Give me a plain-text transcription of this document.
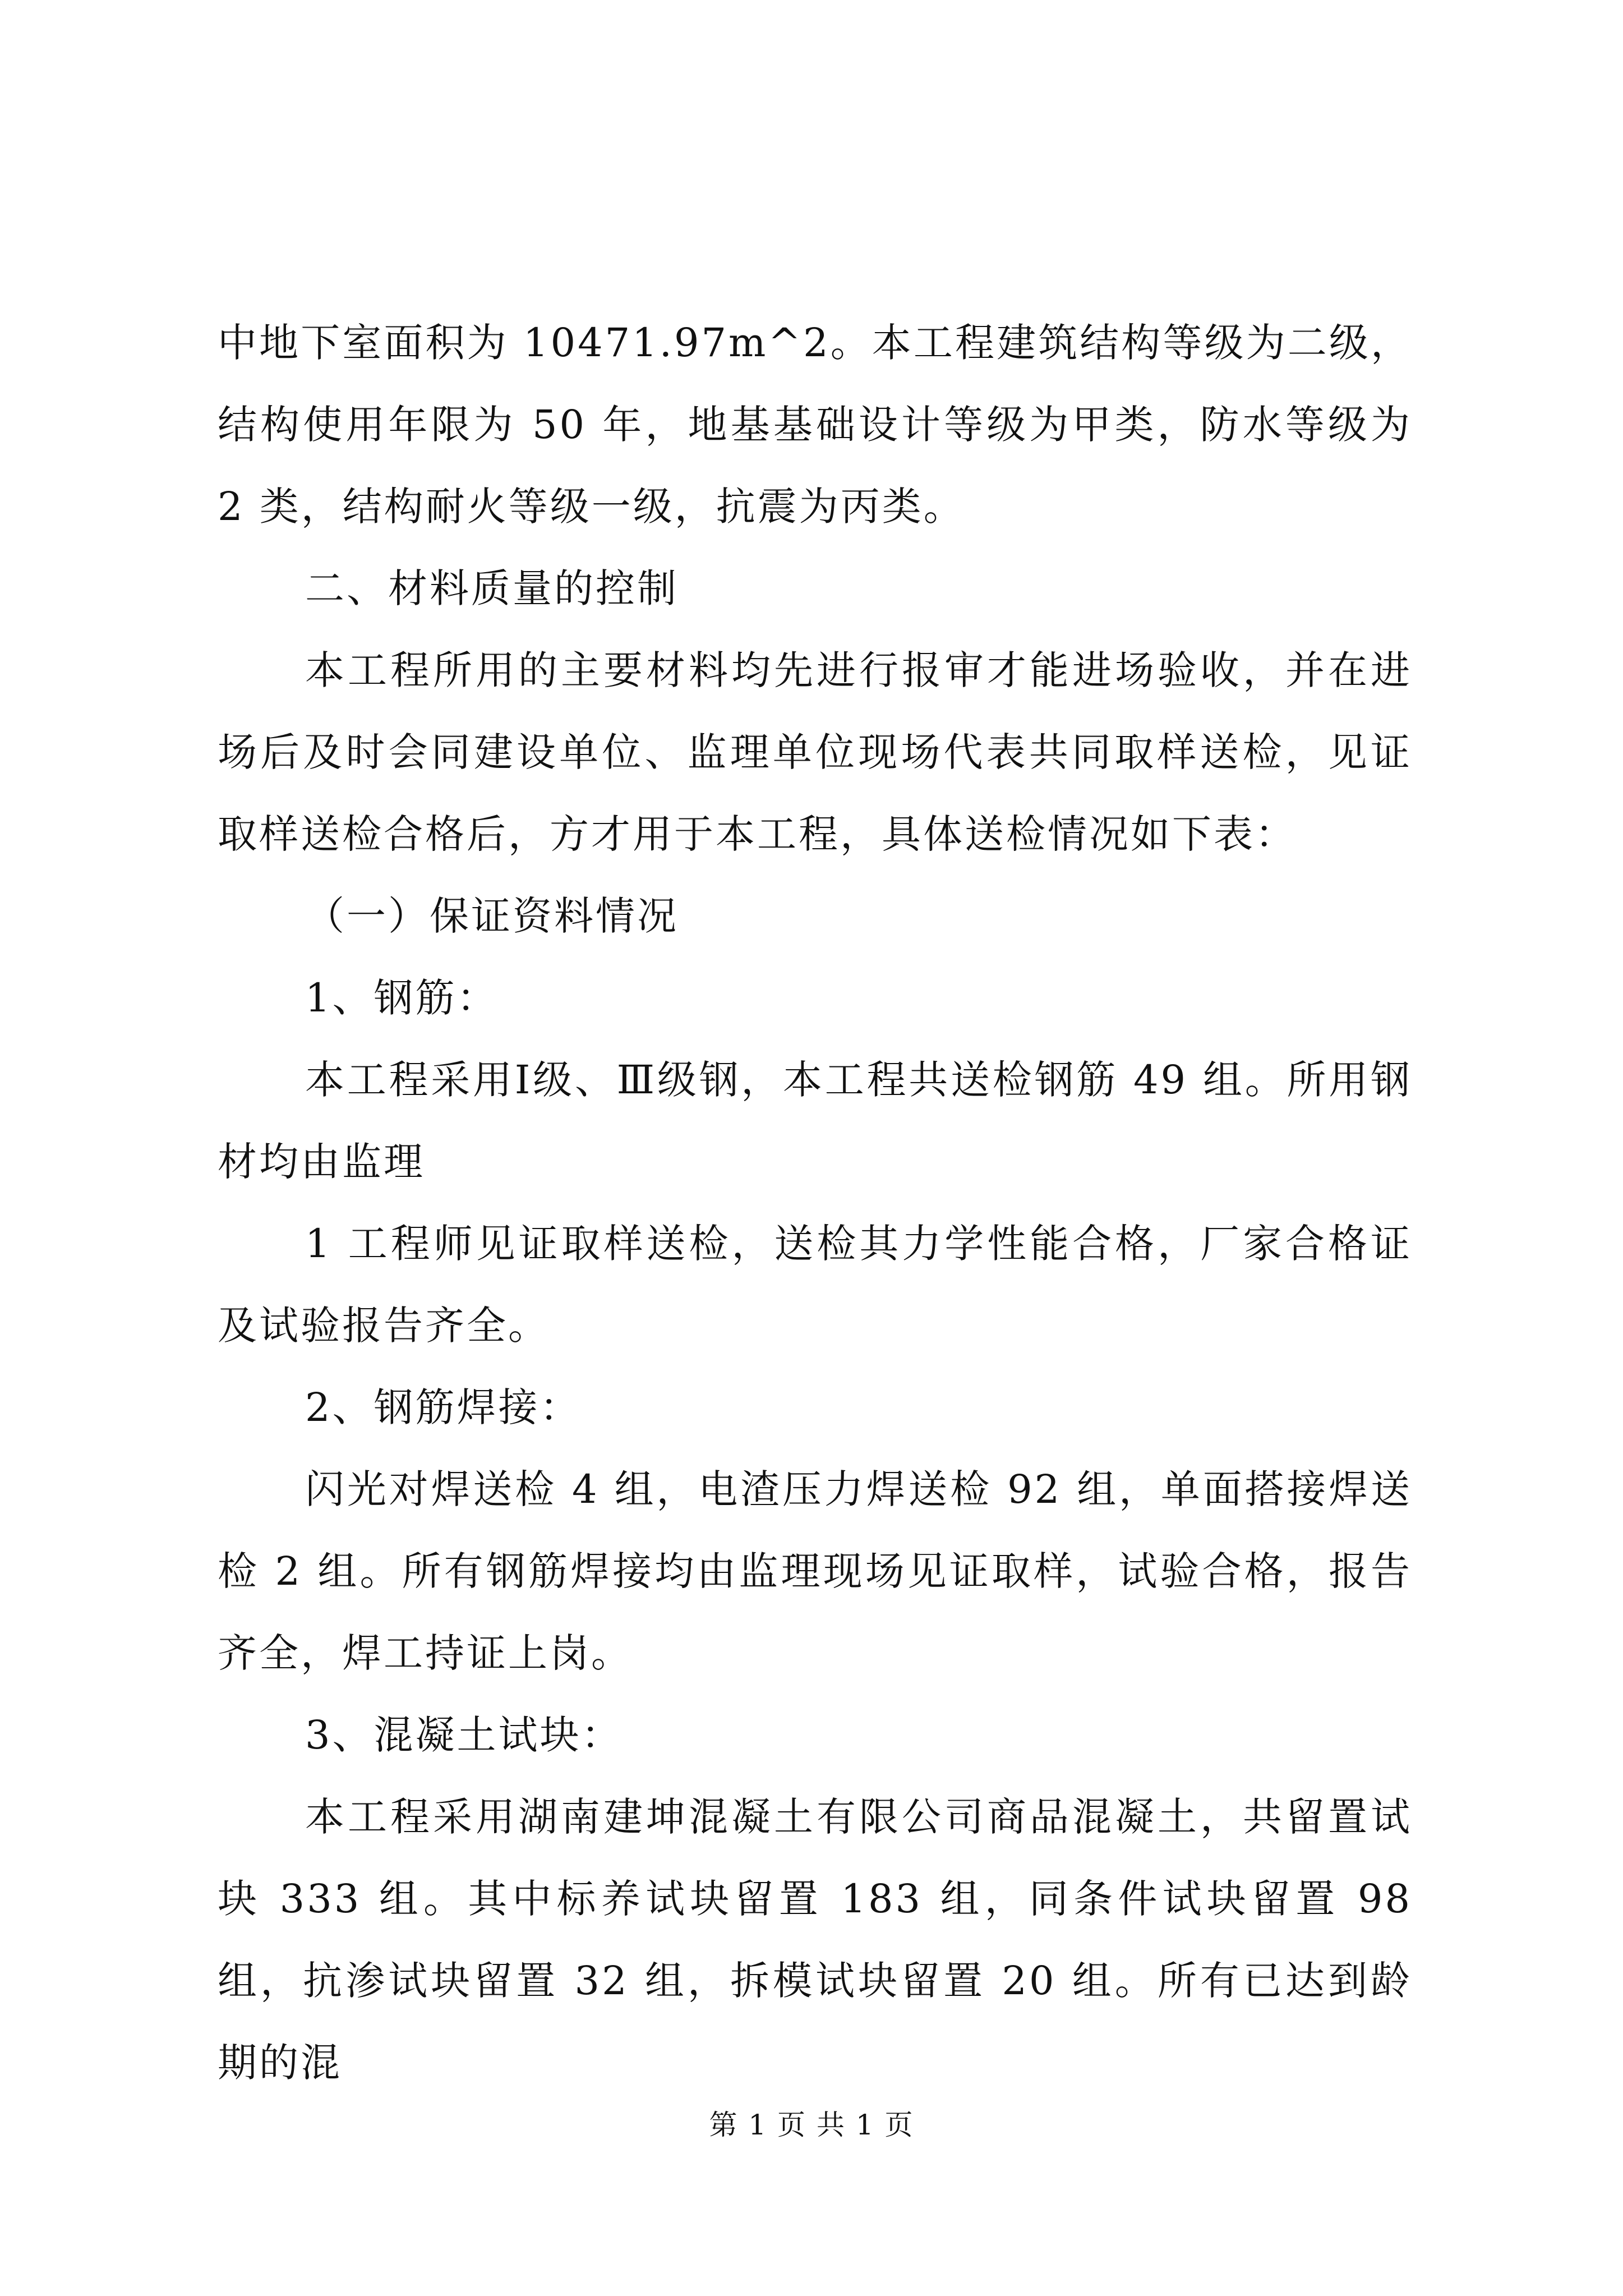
中地下室面积为 10471.97m^2。本工程建筑结构等级为二级，结构使用年限为 50 年，地基基础设计等级为甲类，防水等级为 2 类，结构耐火等级一级，抗震为丙类。

二、材料质量的控制

本工程所用的主要材料均先进行报审才能进场验收，并在进场后及时会同建设单位、监理单位现场代表共同取样送检，见证取样送检合格后，方才用于本工程，具体送检情况如下表：

（一）保证资料情况

1、钢筋：

本工程采用Ⅰ级、Ⅲ级钢，本工程共送检钢筋 49 组。所用钢材均由监理

1 工程师见证取样送检，送检其力学性能合格，厂家合格证及试验报告齐全。

2、钢筋焊接：

闪光对焊送检 4 组，电渣压力焊送检 92 组，单面搭接焊送检 2 组。所有钢筋焊接均由监理现场见证取样，试验合格，报告齐全，焊工持证上岗。

3、混凝土试块：

本工程采用湖南建坤混凝土有限公司商品混凝土，共留置试块 333 组。其中标养试块留置 183 组，同条件试块留置 98 组，抗渗试块留置 32 组，拆模试块留置 20 组。所有已达到龄期的混

第 1 页 共 1 页
